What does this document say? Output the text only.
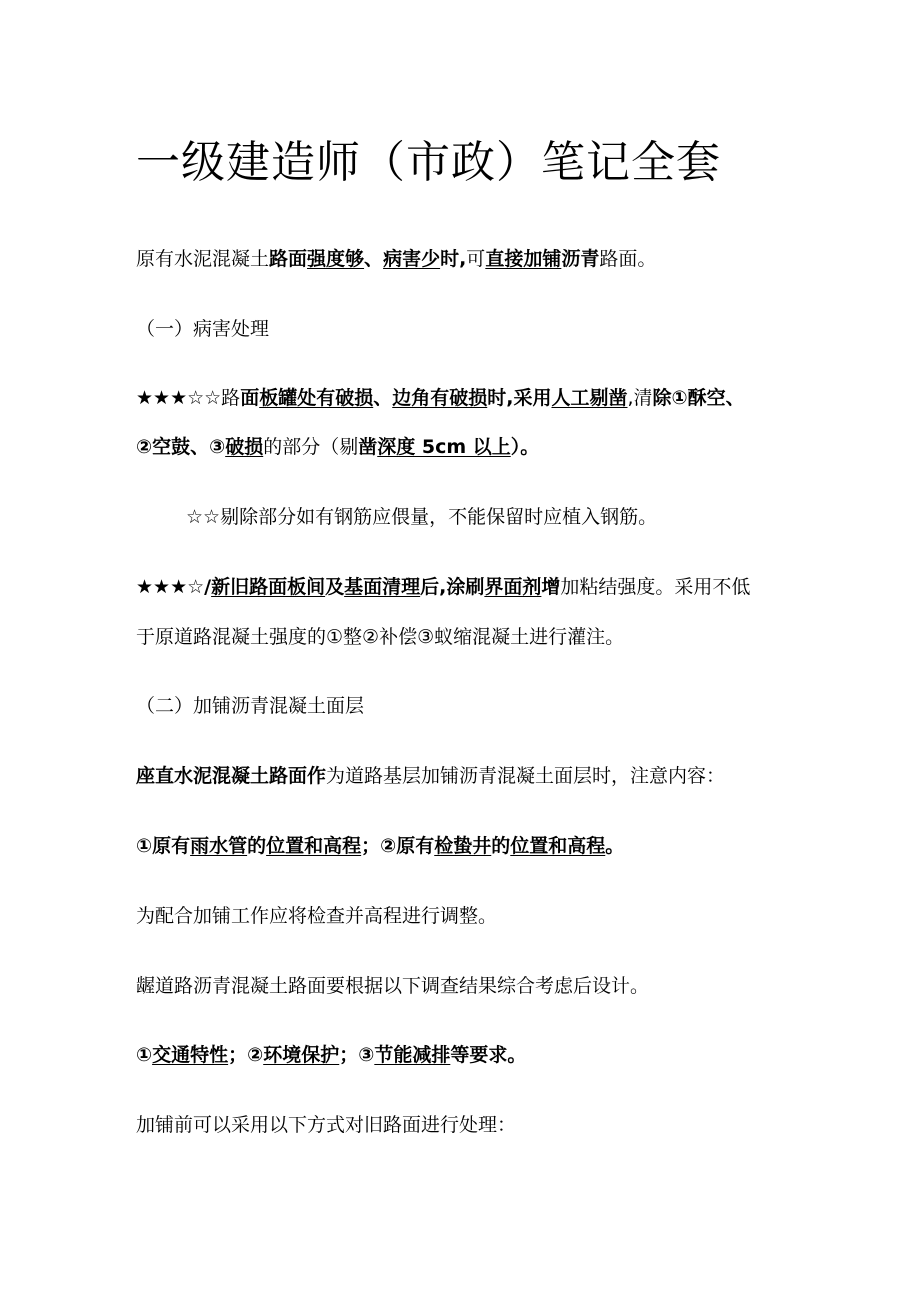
一级建造师（市政）笔记全套

原有水泥混凝土路面强度够、病害少时,可直接加铺沥青路面。

（一）病害处理

★★★☆☆路面板罐处有破损、边角有破损时,采用人工剔凿,清除①酥空、

②空鼓、③破损的部分（剔凿深度 5cm 以上）。

☆☆剔除部分如有钢筋应偎量，不能保留时应植入钢筋。

★★★☆/新旧路面板间及基面清理后,涂刷界面剂增加粘结强度。采用不低

于原道路混凝土强度的①整②补偿③蚁缩混凝土进行灌注。

（二）加铺沥青混凝土面层

座直水泥混凝土路面作为道路基层加铺沥青混凝土面层时，注意内容：

①原有雨水管的位置和高程；②原有检蛰井的位置和高程。

为配合加铺工作应将检查并高程进行调整。

龌道路沥青混凝土路面要根据以下调查结果综合考虑后设计。

①交通特性；②环境保护；③节能减排等要求。

加铺前可以采用以下方式对旧路面进行处理：
